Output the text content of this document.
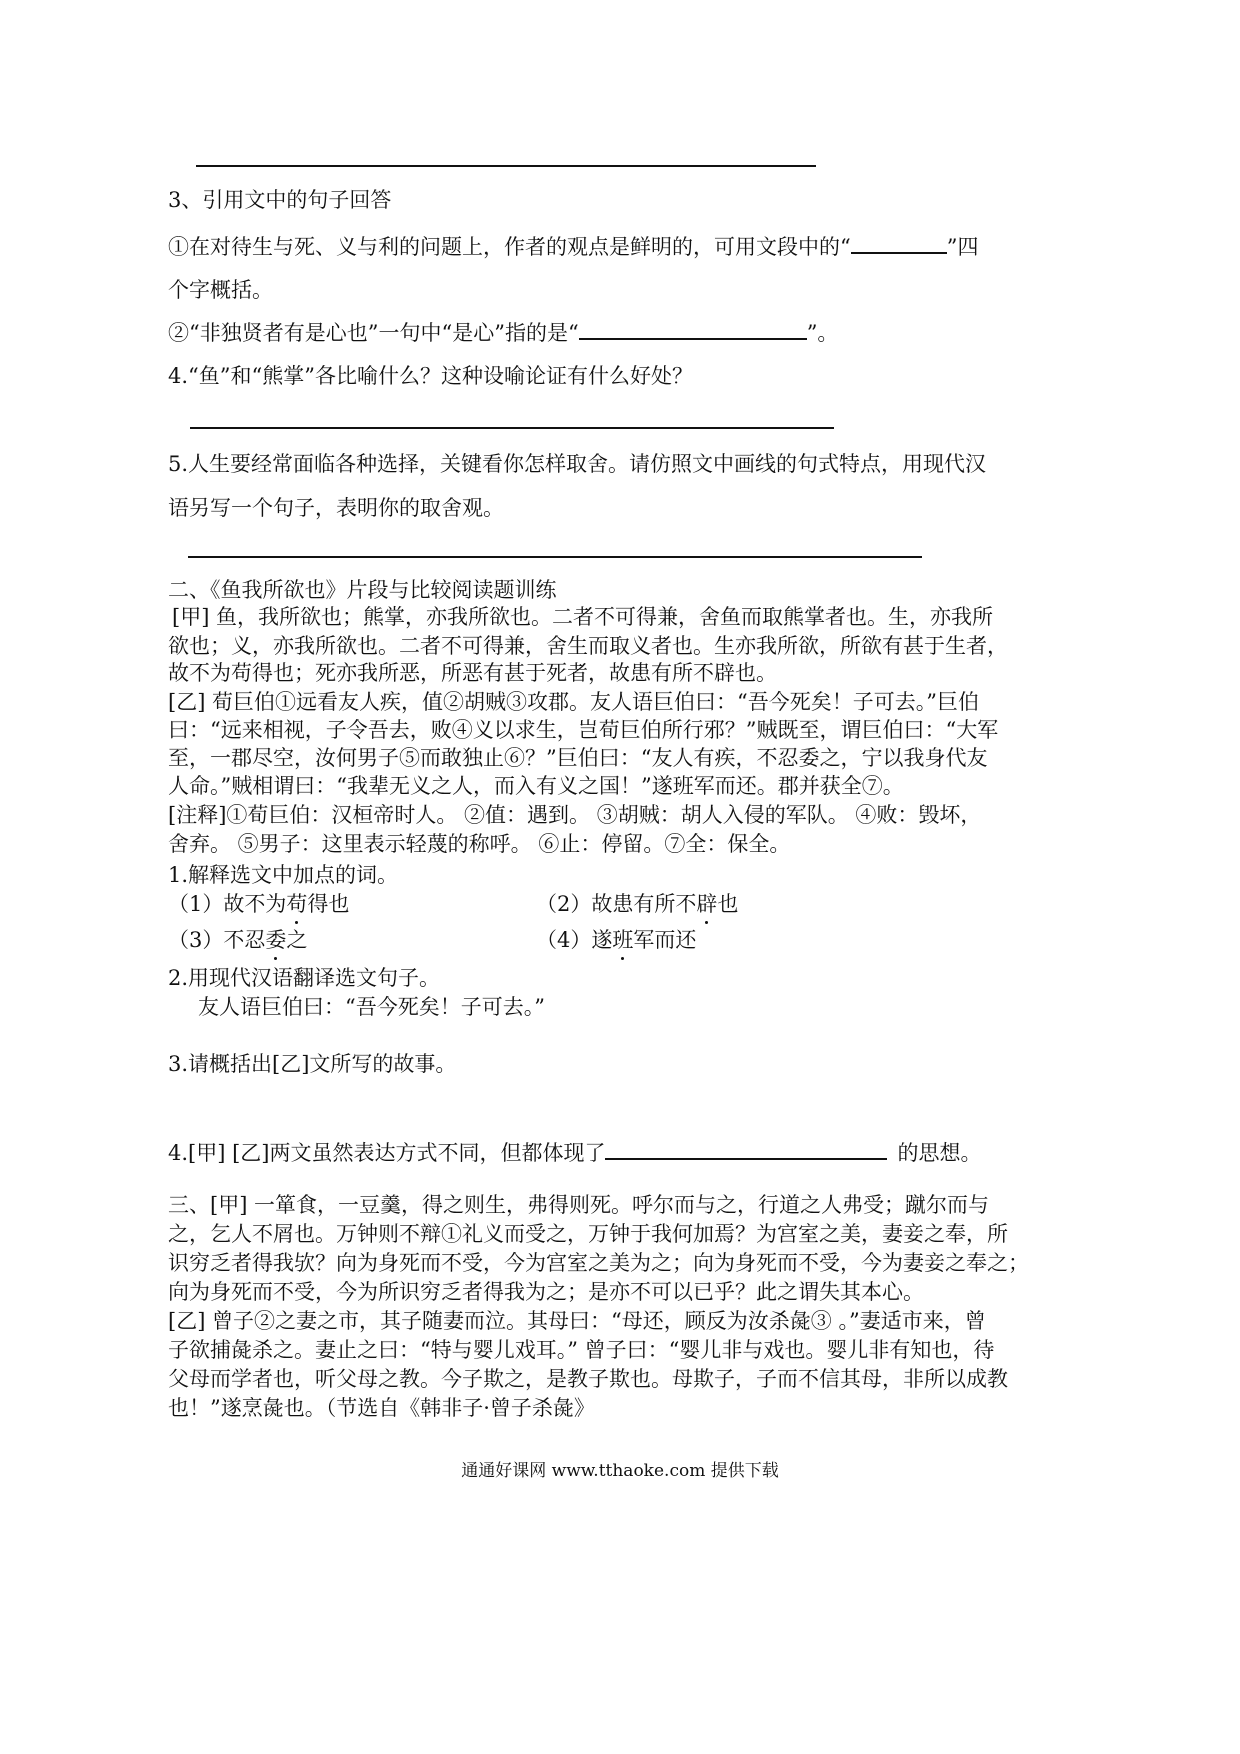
3、引用文中的句子回答
①在对待生与死、义与利的问题上，作者的观点是鲜明的，可用文段中的“	”四
个字概括。
②“非独贤者有是心也”一句中“是心”指的是“	”。
4.“鱼”和“熊掌”各比喻什么？这种设喻论证有什么好处？
5.人生要经常面临各种选择，关键看你怎样取舍。请仿照文中画线的句式特点，用现代汉
语另写一个句子，表明你的取舍观。
二、《鱼我所欲也》片段与比较阅读题训练
[甲] 鱼，我所欲也；熊掌，亦我所欲也。二者不可得兼，舍鱼而取熊掌者也。生，亦我所
欲也；义，亦我所欲也。二者不可得兼，舍生而取义者也。生亦我所欲，所欲有甚于生者，
故不为苟得也；死亦我所恶，所恶有甚于死者，故患有所不辟也。
[乙] 荀巨伯①远看友人疾，值②胡贼③攻郡。友人语巨伯曰：“吾今死矣！子可去。”巨伯
曰：“远来相视，子令吾去，败④义以求生，岂荀巨伯所行邪？”贼既至，谓巨伯曰：“大军
至，一郡尽空，汝何男子⑤而敢独止⑥？”巨伯曰：“友人有疾，不忍委之，宁以我身代友
人命。”贼相谓曰：“我辈无义之人，而入有义之国！”遂班军而还。郡并获全⑦。
[注释]①荀巨伯：汉桓帝时人。 ②值：遇到。 ③胡贼：胡人入侵的军队。 ④败：毁坏，
舍弃。 ⑤男子：这里表示轻蔑的称呼。 ⑥止：停留。⑦全：保全。
1.解释选文中加点的词。
（1）故不为苟得也	（2）故患有所不辟也
（3）不忍委之	（4）遂班军而还
2.用现代汉语翻译选文句子。
友人语巨伯曰：“吾今死矣！子可去。”
3.请概括出[乙]文所写的故事。
4.[甲] [乙]两文虽然表达方式不同，但都体现了	的思想。
三、[甲] 一箪食，一豆羹，得之则生，弗得则死。呼尔而与之，行道之人弗受；蹴尔而与
之，乞人不屑也。万钟则不辩①礼义而受之，万钟于我何加焉？为宫室之美，妻妾之奉，所
识穷乏者得我欤？向为身死而不受，今为宫室之美为之；向为身死而不受，今为妻妾之奉之；
向为身死而不受，今为所识穷乏者得我为之；是亦不可以已乎？此之谓失其本心。
[乙] 曾子②之妻之市，其子随妻而泣。其母曰：“母还，顾反为汝杀彘③ 。”妻适市来，曾
子欲捕彘杀之。妻止之曰：“特与婴儿戏耳。” 曾子曰：“婴儿非与戏也。婴儿非有知也，待
父母而学者也，听父母之教。今子欺之，是教子欺也。母欺子，子而不信其母，非所以成教
也！”遂烹彘也。（节选自《韩非子·曾子杀彘》
通通好课网 www.tthaoke.com 提供下载
